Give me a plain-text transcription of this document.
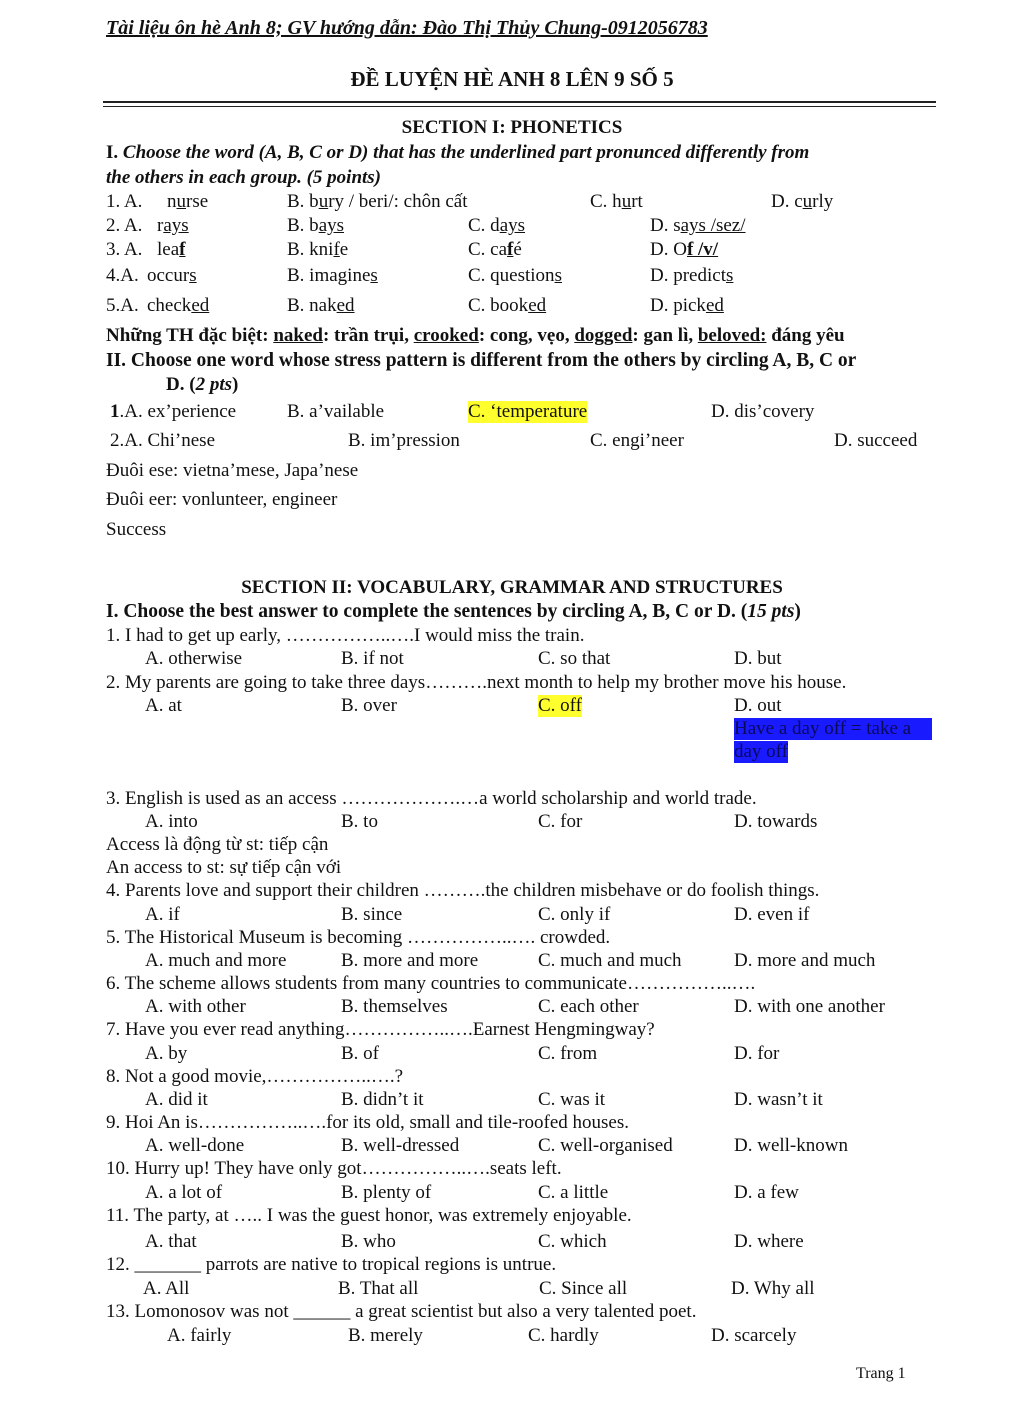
Tài liệu ôn hè Anh 8; GV hướng dẫn: Đào Thị Thủy Chung-0912056783
ĐỀ LUYỆN HÈ ANH 8 LÊN 9 SỐ 5
SECTION I: PHONETICS
I. Choose the word (A, B, C or D) that has the underlined part pronunced differently from
the others in each group. (5 points)
1. A. nurse	B. bury / beri/: chôn cất	C. hurt	D. curly
2. A. rays	B. bays	C. days	D. says /sez/
3. A. leaf	B. knife	C. café	D. Of /v/
4.A. occurs	B. imagines	C. questions	D. predicts
5.A. checked	B. naked	C. booked	D. picked
Những TH đặc biệt: naked: trần trụi, crooked: cong, vẹo, dogged: gan lì, beloved: đáng yêu
II. Choose one word whose stress pattern is different from the others by circling A, B, C or
D. (2 pts)
1.A. ex’perience	B. a’vailable	C. ‘temperature	D. dis’covery
2.A. Chi’nese	B. im’pression	C. engi’neer	D. succeed
Đuôi ese: vietna’mese, Japa’nese
Đuôi eer: vonlunteer, engineer
Success
SECTION II: VOCABULARY, GRAMMAR AND STRUCTURES
I. Choose the best answer to complete the sentences by circling A, B, C or D. (15 pts)
1. I had to get up early, ……………..….I would miss the train.
A. otherwise	B. if not	C. so that	D. but
2. My parents are going to take three days……….next month to help my brother move his house.
A. at	B. over	C. off	D. out
Have a day off = take a
day off
3. English is used as an access ……………….…a world scholarship and world trade.
A. into	B. to	C. for	D. towards
Access là động từ st: tiếp cận
An access to st: sự tiếp cận với
4. Parents love and support their children ……….the children misbehave or do foolish things.
A. if	B. since	C. only if	D. even if
5. The Historical Museum is becoming ……………..…. crowded.
A. much and more	B. more and more	C. much and much	D. more and much
6. The scheme allows students from many countries to communicate……………..….
A. with other	B. themselves	C. each other	D. with one another
7. Have you ever read anything……………..….Earnest Hengmingway?
A. by	B. of	C. from	D. for
8. Not a good movie,……………..….?
A. did it	B. didn’t it	C. was it	D. wasn’t it
9. Hoi An is……………..….for its old, small and tile-roofed houses.
A. well-done	B. well-dressed	C. well-organised	D. well-known
10. Hurry up! They have only got……………..….seats left.
A. a lot of	B. plenty of	C. a little	D. a few
11. The party, at ….. I was the guest honor, was extremely enjoyable.
A. that	B. who	C. which	D. where
12. _______ parrots are native to tropical regions is untrue.
A. All	B. That all	C. Since all	D. Why all
13. Lomonosov was not ______ a great scientist but also a very talented poet.
A. fairly	B. merely	C. hardly	D. scarcely
Trang 1
